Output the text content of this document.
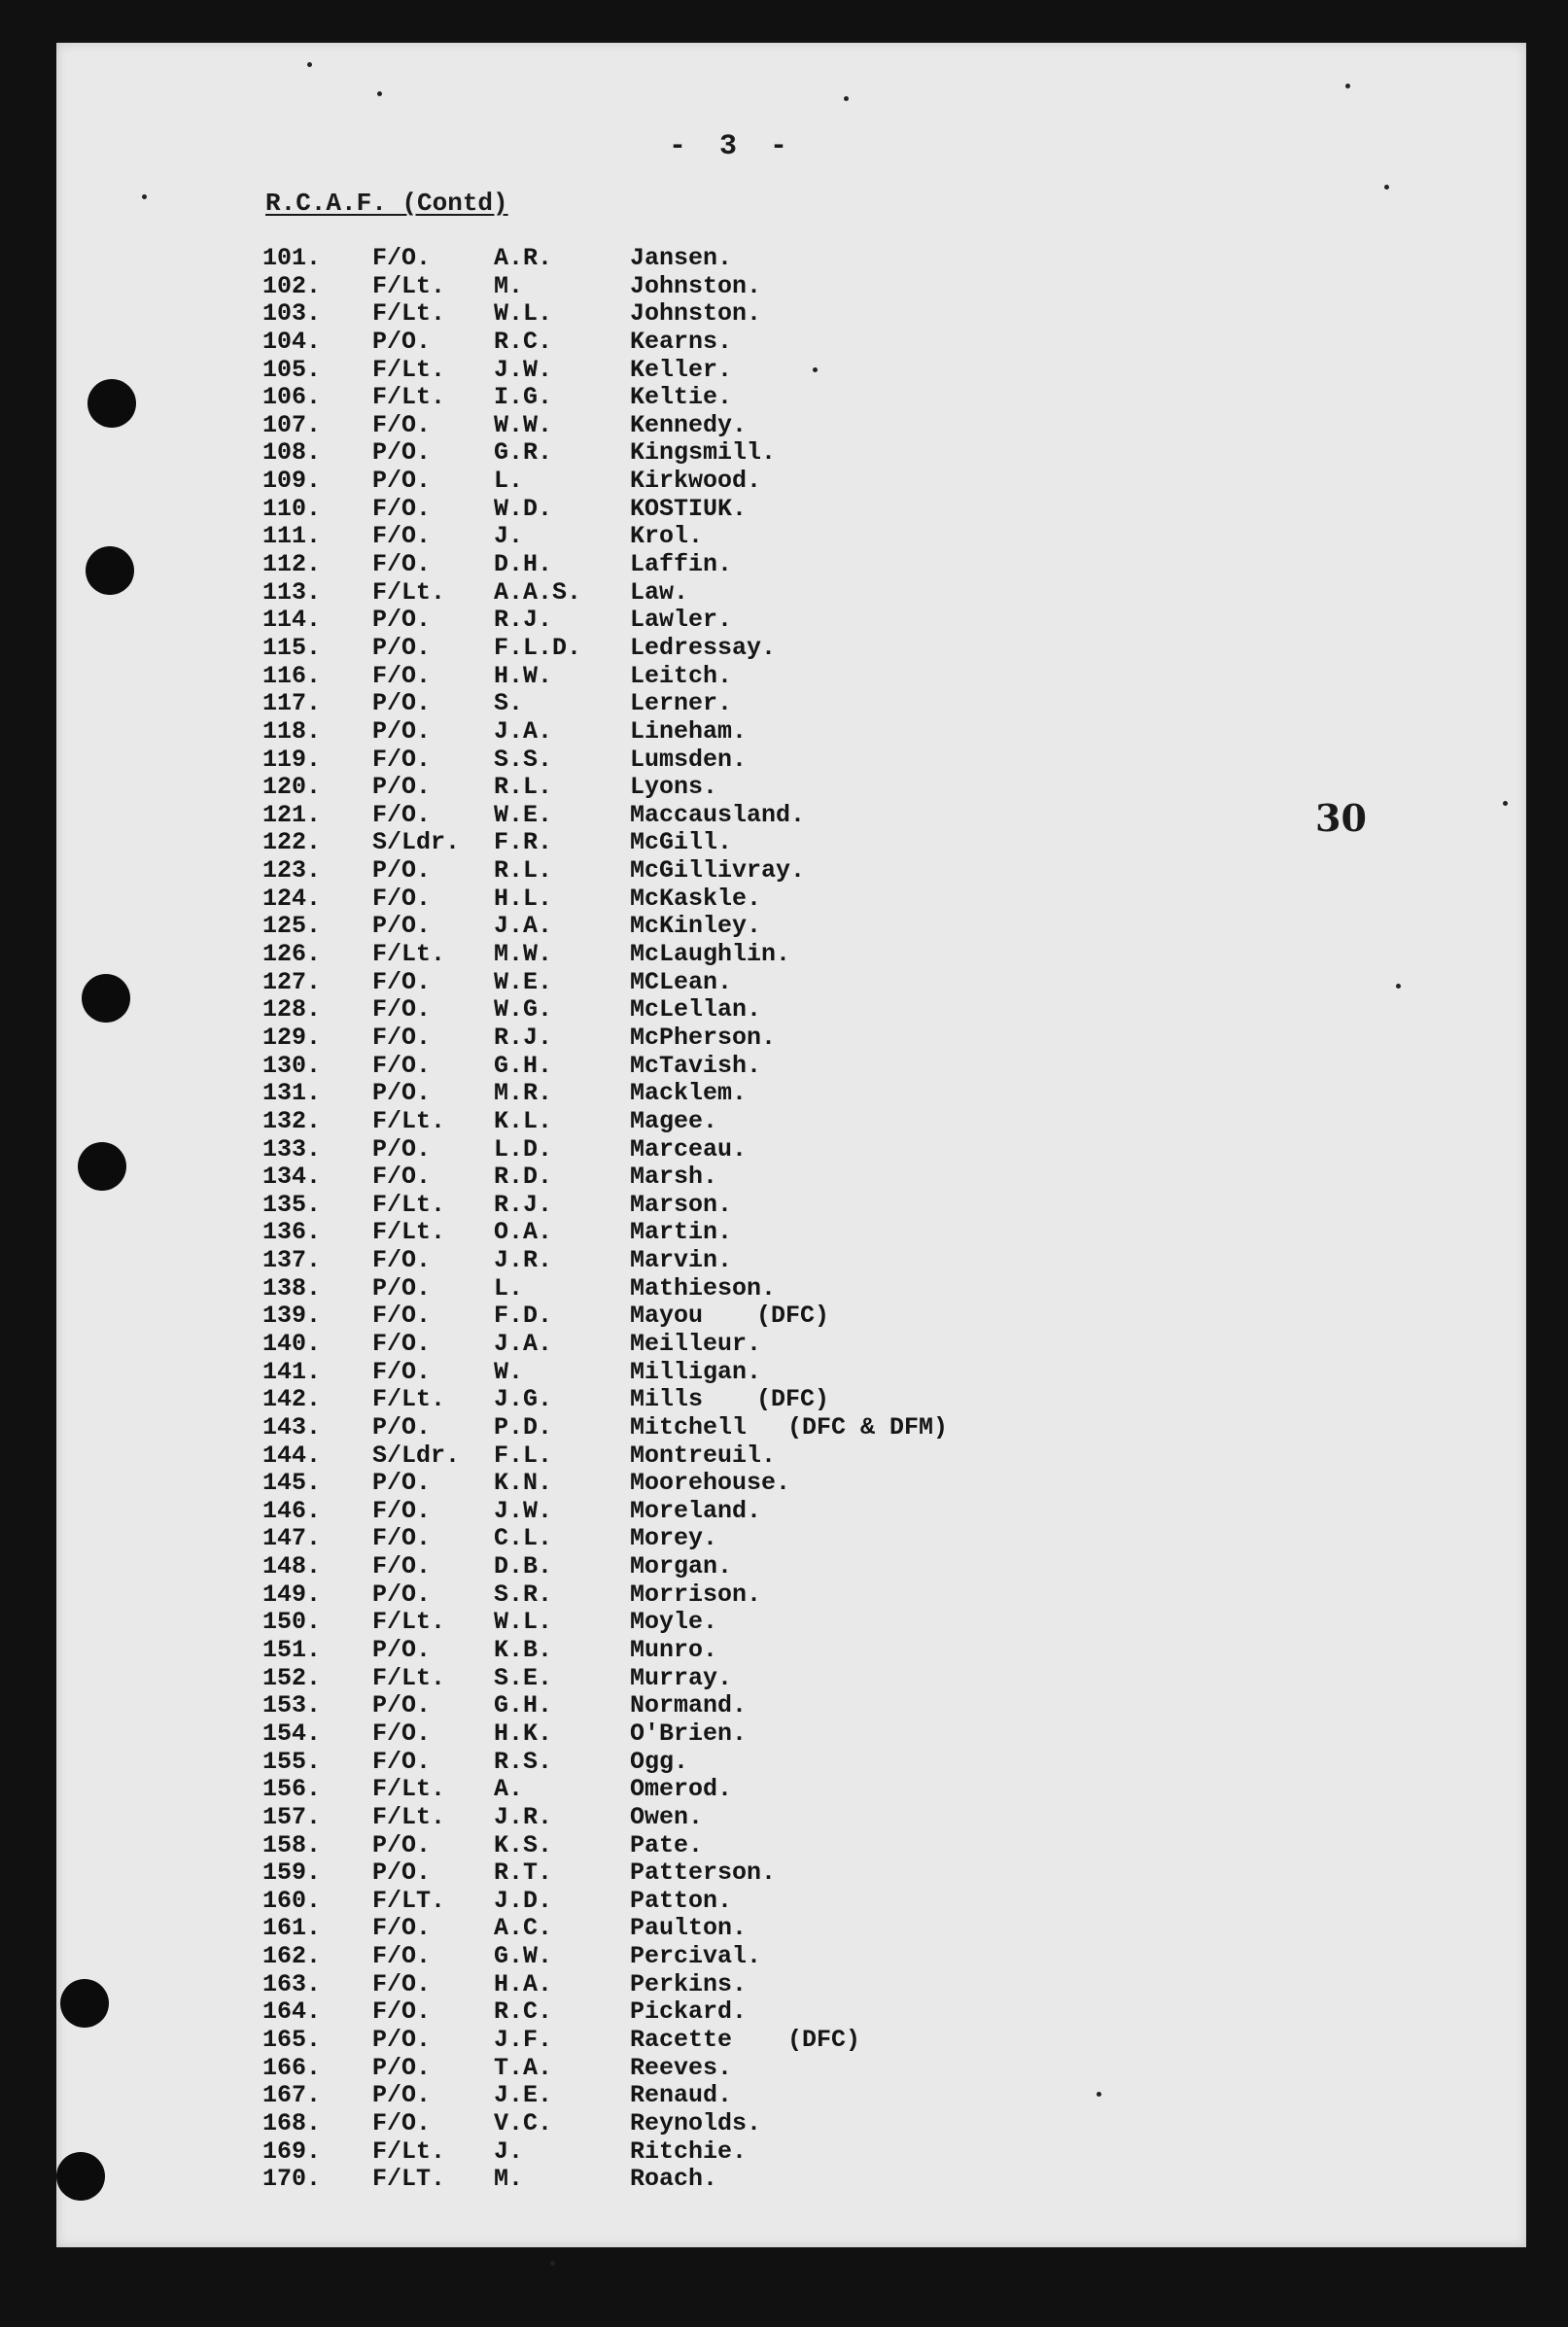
- 3 -
R.C.A.F. (Contd)
30
101. F/O.	A.R.	Jansen.
102. F/Lt. M.	Johnston.
103. F/Lt. W.L.	Johnston.
104. P/O.	R.C.	Kearns.
105. F/Lt. J.W.	Keller.
106. F/Lt. I.G.	Keltie.
107. F/O.	W.W.	Kennedy.
108. P/O.	G.R.	Kingsmill.
109. P/O.	L.	Kirkwood.
110. F/O.	W.D.	KOSTIUK.
111. F/O.	J.	Krol.
112. F/O.	D.H.	Laffin.
113. F/Lt. A.A.S. Law.
114. P/O.	R.J.	Lawler.
115. P/O.	F.L.D. Ledressay.
116. F/O.	H.W.	Leitch.
117. P/O.	S.	Lerner.
118. P/O.	J.A.	Lineham.
119. F/O.	S.S.	Lumsden.
120. P/O.	R.L.	Lyons.
121. F/O.	W.E.	Maccausland.
122. S/Ldr. F.R.	McGill.
123. P/O.	R.L.	McGillivray.
124. F/O.	H.L.	McKaskle.
125. P/O.	J.A.	McKinley.
126. F/Lt. M.W.	McLaughlin.
127. F/O.	W.E.	MCLean.
128. F/O.	W.G.	McLellan.
129. F/O.	R.J.	McPherson.
130. F/O.	G.H.	McTavish.
131. P/O.	M.R.	Macklem.
132. F/Lt. K.L.	Magee.
133. P/O.	L.D.	Marceau.
134. F/O.	R.D.	Marsh.
135. F/Lt. R.J.	Marson.
136. F/Lt. O.A.	Martin.
137. F/O.	J.R.	Marvin.
138. P/O.	L.	Mathieson.
139. F/O.	F.D.	Mayou (DFC)
140. F/O.	J.A.	Meilleur.
141. F/O.	W.	Milligan.
142. F/Lt. J.G.	Mills (DFC)
143. P/O.	P.D.	Mitchell (DFC & DFM)
144. S/Ldr. F.L.	Montreuil.
145. P/O.	K.N.	Moorehouse.
146. F/O.	J.W.	Moreland.
147. F/O.	C.L.	Morey.
148. F/O.	D.B.	Morgan.
149. P/O.	S.R.	Morrison.
150. F/Lt. W.L.	Moyle.
151. P/O.	K.B.	Munro.
152. F/Lt. S.E.	Murray.
153. P/O.	G.H.	Normand.
154. F/O.	H.K.	O'Brien.
155. F/O.	R.S.	Ogg.
156. F/Lt. A.	Omerod.
157. F/Lt. J.R.	Owen.
158. P/O.	K.S.	Pate.
159. P/O.	R.T.	Patterson.
160. F/LT. J.D.	Patton.
161. F/O.	A.C.	Paulton.
162. F/O.	G.W.	Percival.
163. F/O.	H.A.	Perkins.
164. F/O.	R.C.	Pickard.
165. P/O.	J.F.	Racette (DFC)
166. P/O.	T.A.	Reeves.
167. P/O.	J.E.	Renaud.
168. F/O.	V.C.	Reynolds.
169. F/Lt. J.	Ritchie.
170. F/LT. M.	Roach.
